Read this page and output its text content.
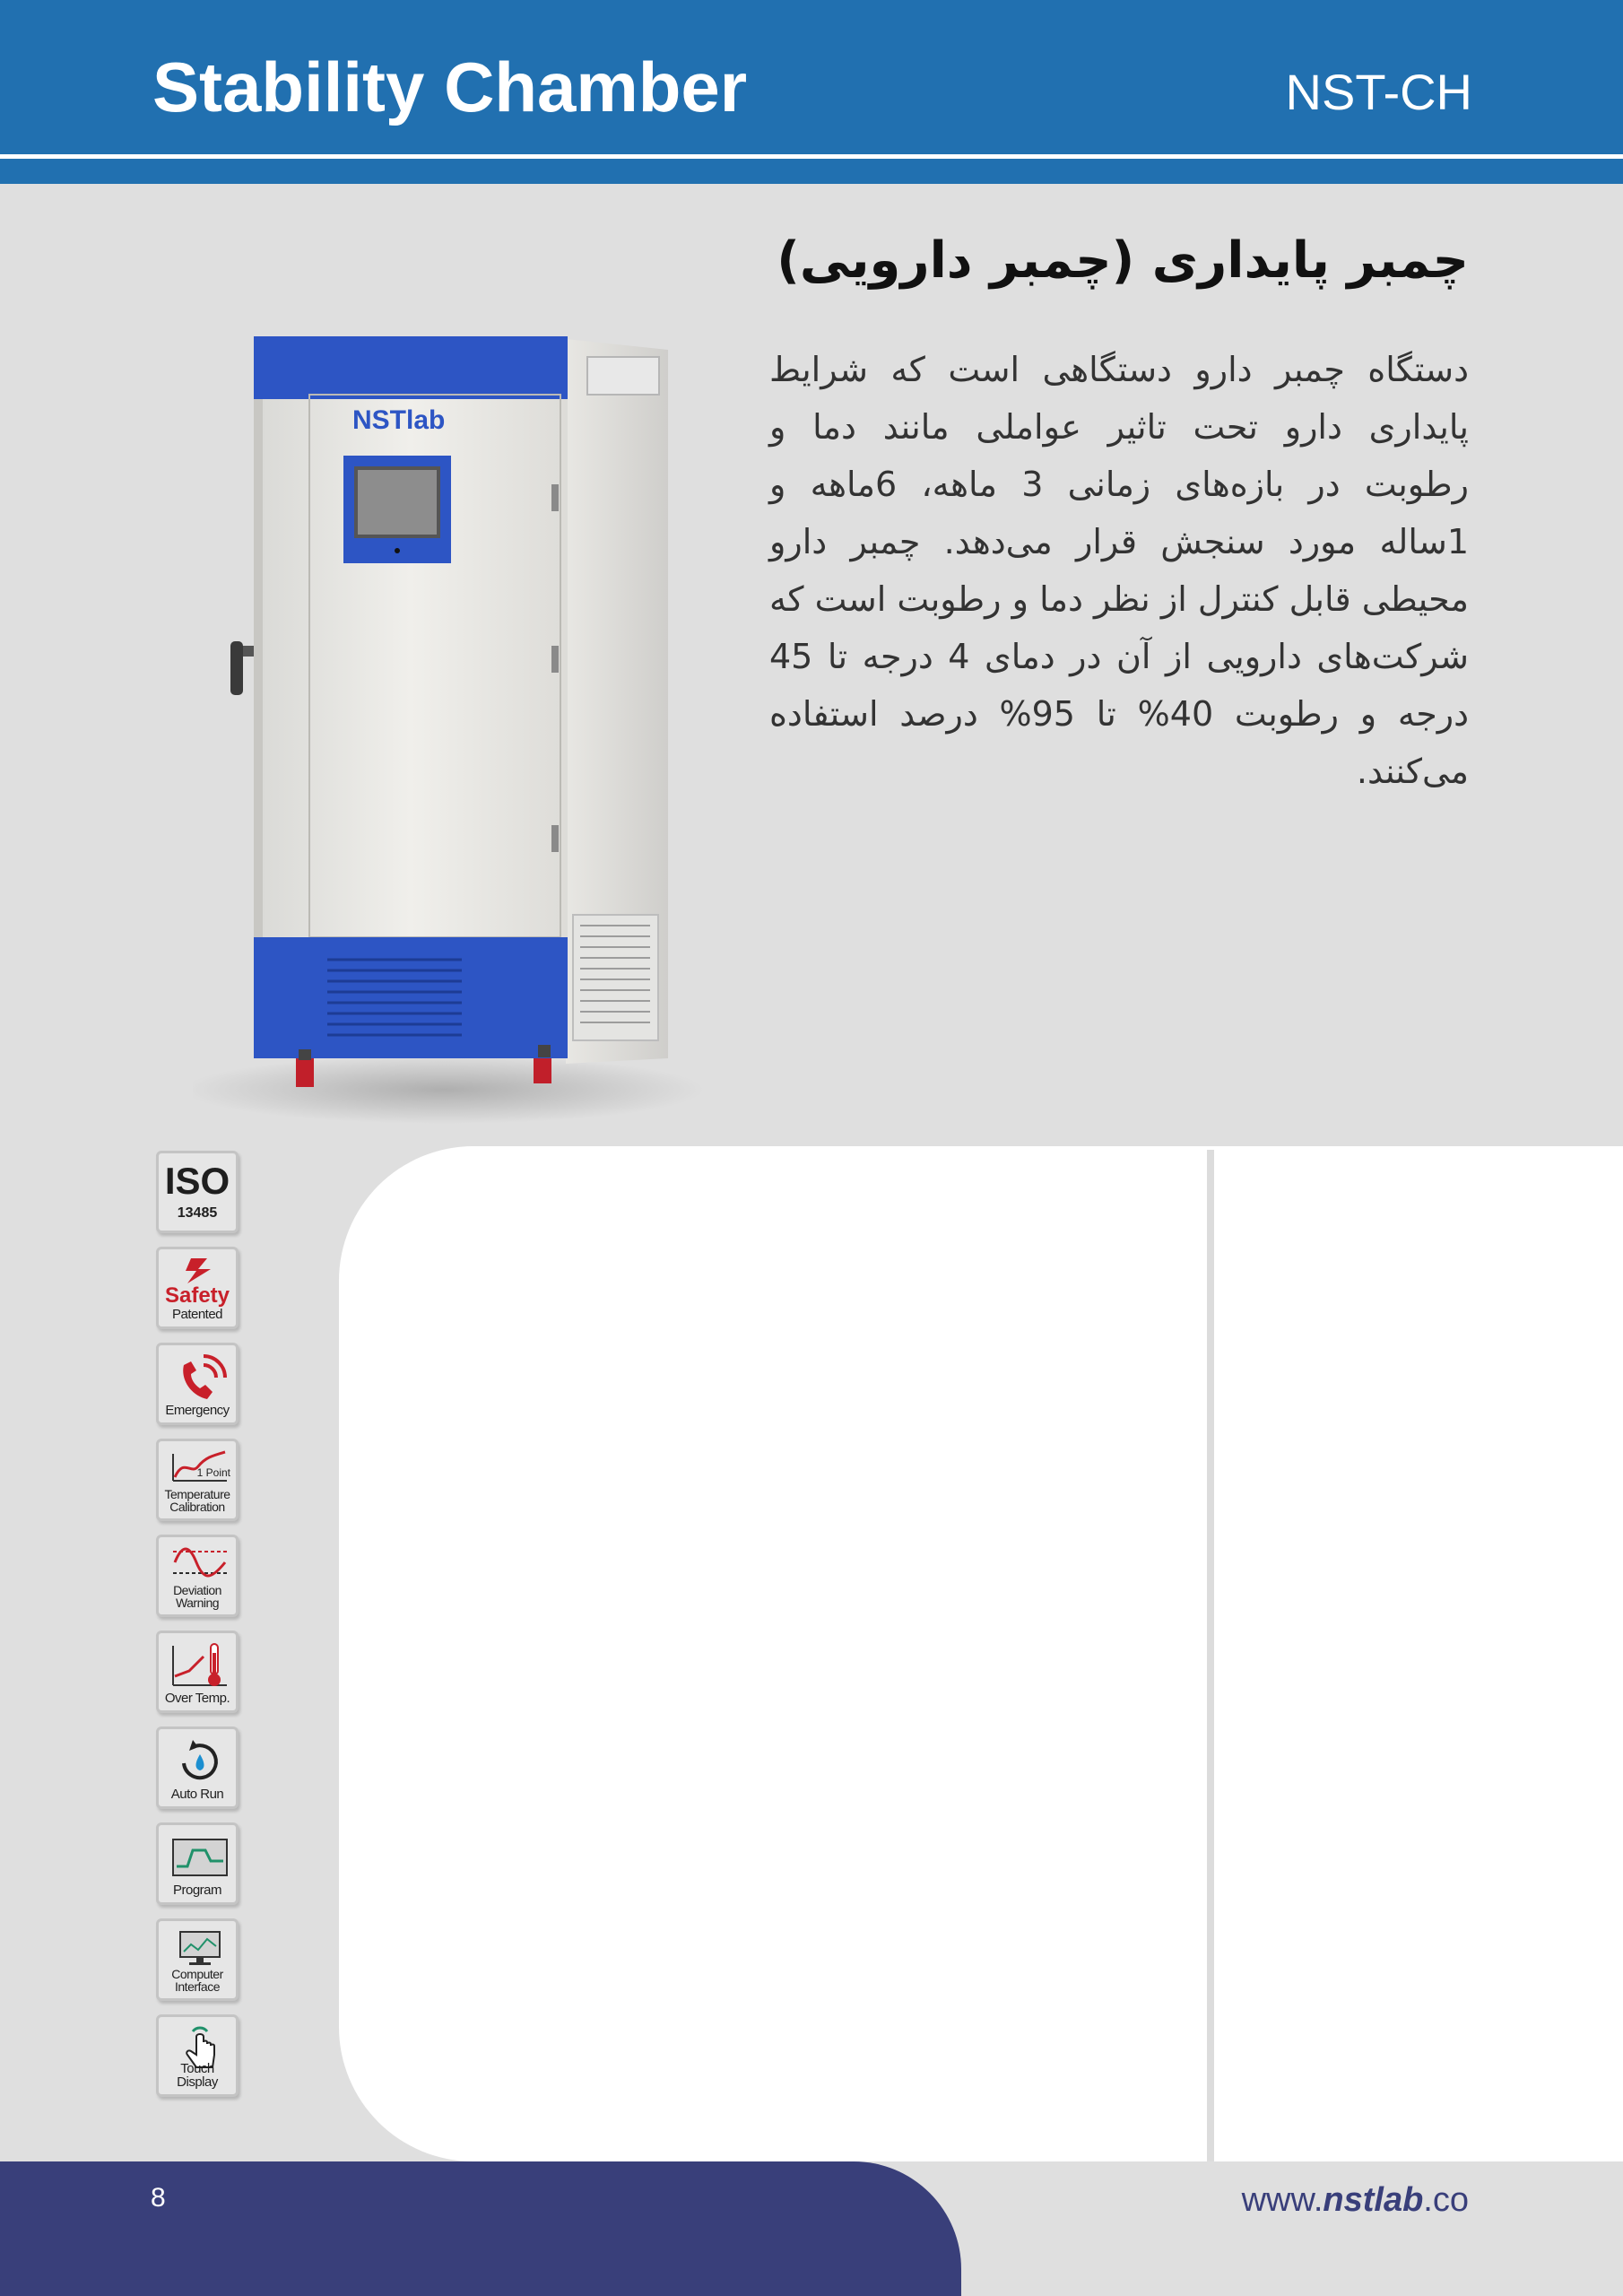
Stability Chamber	NST-CH
چمبر پایداری (چمبر دارویی)
دستگاه چمبر دارو دستگاهی است که شرایط پایداری دارو تحت تاثیر عواملی مانند دما و رطوبت در بازه‌های زمانی 3 ماهه، 6ماهه و 1ساله مورد سنجش قرار می‌دهد. چمبر دارو محیطی قابل کنترل از نظر دما و رطوبت است که شرکت‌های دارویی از آن در دمای 4 درجه تا 45 درجه و رطوبت 40% تا 95% درصد استفاده می‌کنند.
NSTlab
ISO
13485
Safety
Patented
Emergency
1 Point
Temperature Calibration
Deviation Warning
Over Temp.
Auto Run
Program
Computer Interface
Touch Display
8	www.nstlab.co
